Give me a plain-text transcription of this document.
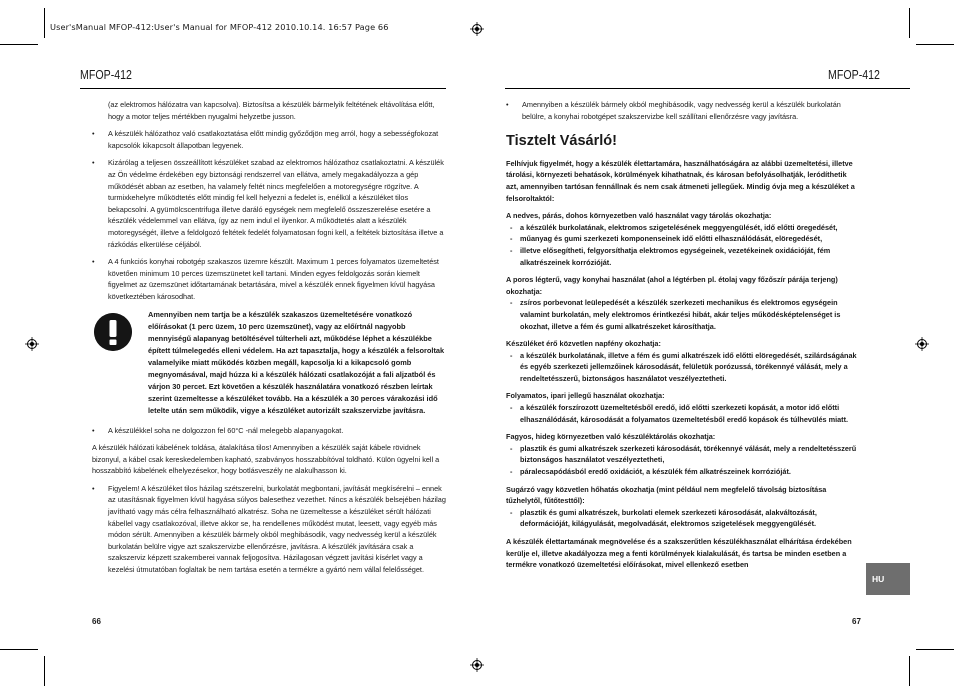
User'sManual MFOP-412:User's Manual for MFOP-412 2010.10.14. 16:57 Page 66
MFOP-412	MFOP-412

(az elektromos hálózatra van kapcsolva). Biztosítsa a készülék bármelyik feltétének eltávolítása előtt, hogy a motor teljes mértékben nyugalmi helyzetbe jusson.

• A készülék hálózathoz való csatlakoztatása előtt mindig győződjön meg arról, hogy a sebességfokozat kapcsolók kikapcsolt állapotban legyenek.
• Kizárólag a teljesen összeállított készüléket szabad az elektromos hálózathoz csatlakoztatni. A készülék az Ön védelme érdekében egy biztonsági rendszerrel van ellátva, amely megakadályozza a gép működését abban az esetben, ha valamely feltét nincs megfelelően a motoregységre rögzítve. A turmixkehelyre működtetés előtt mindig fel kell helyezni a fedelet is, enélkül a készüléket tilos bekapcsolni. A gyümölcscentrifuga illetve daráló egységek nem megfelelő összeszerelése esetére a készülék védelemmel van ellátva, így az nem indul el ilyenkor. A működtetés alatt a készülék motoregységét, illetve a feldolgozó feltétek fedelét folyamatosan fogni kell, a feltétek biztosítása illetve a rázkódás elkerülése céljából.
• A 4 funkciós konyhai robotgép szakaszos üzemre készült. Maximum 1 perces folyamatos üzemeltetést követően minimum 10 perces üzemszünetet kell tartani. Minden egyes feldolgozás során kiemelt figyelmet az üzemszünet időtartamának betartására, mivel a készülék ennek figyelmen kívül hagyása következtében károsodhat.
Amennyiben nem tartja be a készülék szakaszos üzemeltetésére vonatkozó előírásokat (1 perc üzem, 10 perc üzemszünet), vagy az előírtnál nagyobb mennyiségű alapanyag betöltésével túlterheli azt, működése léphet a készülékbe épített túlmelegedés elleni védelem. Ha azt tapasztalja, hogy a készülék a felsoroltak valamelyike miatt működés közben megáll, kapcsolja ki a kikapcsoló gomb megnyomásával, majd húzza ki a készülék hálózati csatlakozóját a fali aljzatból és várjon 30 percet. Ezt követően a készülék használatára vonatkozó részben leírtak szerint üzemeltesse a készüléket tovább. Ha a készülék a 30 perces várakozási idő letelte után sem működik, vigye a készüléket autorizált szakszervizbe javításra.
• A készülékkel soha ne dolgozzon fel 60°C -nál melegebb alapanyagokat.

A készülék hálózati kábelének toldása, átalakítása tilos! Amennyiben a készülék saját kábele rövidnek bizonyul, a kábel csak kereskedelemben kapható, szabványos hosszabbítóval toldható. Külön ügyelni kell a hosszabbító kábelének elhelyezésekor, hogy botlásveszély ne alakulhasson ki.

• Figyelem! A készüléket tilos házilag szétszerelni, burkolatát megbontani, javítását megkísérelni – ennek az utasításnak figyelmen kívül hagyása súlyos balesethez vezethet. Nincs a készülék belsejében házilag javítható vagy más célra felhasználható alkatrész. Soha ne üzemeltesse a készüléket sérült hálózati kábellel vagy csatlakozóval, illetve akkor se, ha rendellenes működést mutat, leesett, vagy egyéb más módon sérült. Amennyiben a készülék bármely okból meghibásodik, vagy nedvesség kerül a készülék burkolatán belülre vigye azt szakszervizbe ellenőrzésre, javításra. A készülék javítására csak a szakszerviz képzett szakemberei vannak feljogosítva. Házilagosan végzett javítási kísérlet vagy a kezelési útmutatóban foglaltak be nem tartása esetén a termékre a gyártó nem vállal felelősséget.
• Amennyiben a készülék bármely okból meghibásodik, vagy nedvesség kerül a készülék burkolatán belülre, a konyhai robotgépet szakszervizbe kell szállítani ellenőrzésre vagy javításra.
Tisztelt Vásárló!

Felhívjuk figyelmét, hogy a készülék élettartamára, használhatóságára az alábbi üzemeltetési, illetve tárolási, környezeti behatások, körülmények kihathatnak, és károsan befolyásolhatják, leródíthetik azt, amennyiben tartósan fennállnak és nem csak átmeneti jellegűek. Mindig óvja meg a készüléket a felsoroltaktól:

A nedves, párás, dohos környezetben való használat vagy tárolás okozhatja:
- a készülék burkolatának, elektromos szigetelésének meggyengülését, idő előtti öregedését,
- műanyag és gumi szerkezeti komponenseinek idő előtti elhasználódását, elöregedését,
- illetve elősegítheti, felgyorsíthatja elektromos egységeinek, vezetékeinek oxidációját, fém alkatrészeinek korrózióját.
A poros légterű, vagy konyhai használat (ahol a légtérben pl. étolaj vagy főzőszír párája terjeng) okozhatja:
- zsíros porbevonat leülepedését a készülék szerkezeti mechanikus és elektromos egységein valamint burkolatán, mely elektromos érintkezési hibát, akár teljes működésképtelenséget is okozhat, illetve a fém és gumi alkatrészeket károsíthatja.
Készüléket érő közvetlen napfény okozhatja:
- a készülék burkolatának, illetve a fém és gumi alkatrészek idő előtti elöregedését, szilárdságának és egyéb szerkezeti jellemzőinek károsodását, felületük porózussá, törékennyé válását, mely a rendeltetésszerű, biztonságos használatot veszélyeztetheti.
Folyamatos, ipari jellegű használat okozhatja:
- a készülék forszírozott üzemeltetésből eredő, idő előtti szerkezeti kopását, a motor idő előtti elhasználódását, károsodását a folyamatos üzemeltetésből eredő kopások és túlhevülés miatt.
Fagyos, hideg környezetben való készüléktárolás okozhatja:
- plasztik és gumi alkatrészek szerkezeti károsodását, törékennyé válását, mely a rendeltetésszerű biztonságos használatot veszélyeztetheti,
- páralecsapódásból eredő oxidációt, a készülék fém alkatrészeinek korrózióját.
Sugárzó vagy közvetlen hőhatás okozhatja (mint például nem megfelelő távolság biztosítása tűzhelytől, fűtőtesttől):
- plasztik és gumi alkatrészek, burkolati elemek szerkezeti károsodását, alakváltozását, deformációját, kilágyulását, megolvadását, elektromos szigetelések meggyengülését.

A készülék élettartamának megnövelése és a szakszerűtlen készülékhasználat elhárítása érdekében kerülje el, illetve akadályozza meg a fenti körülmények kialakulását, és tartsa be minden esetben a termékre vonatkozó üzemeltetési előírásokat, mivel ellenkező esetben

HU
66	67
